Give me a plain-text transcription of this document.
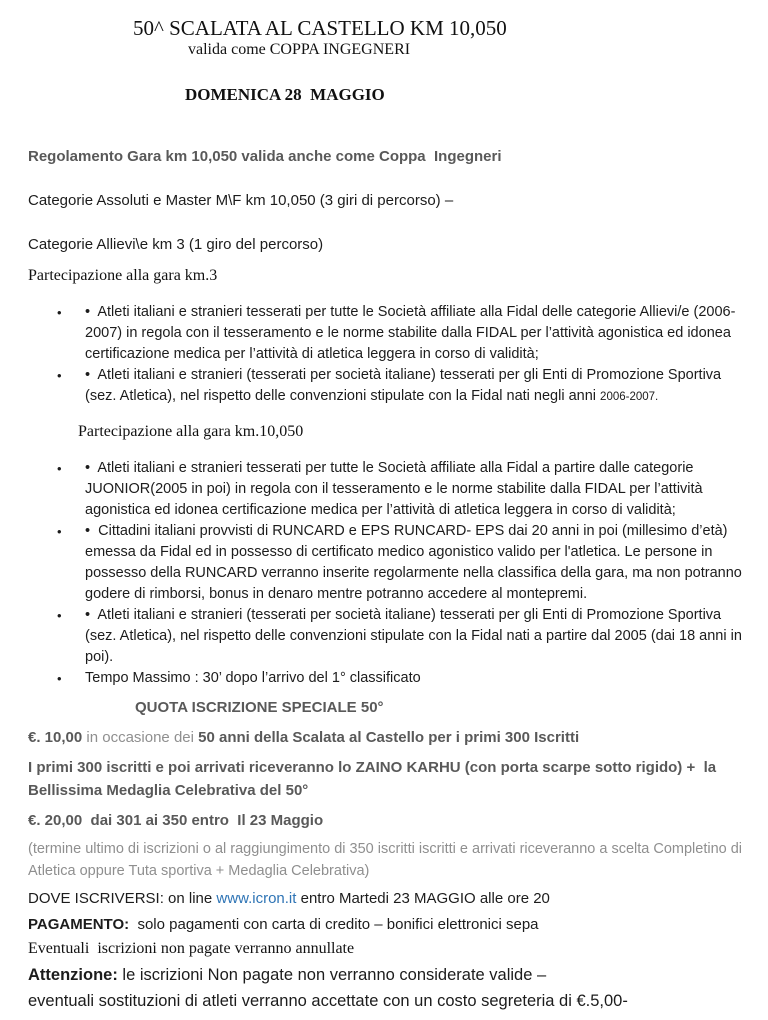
50^ SCALATA AL CASTELLO KM 10,050
valida come COPPA INGEGNERI
DOMENICA 28  MAGGIO
Regolamento Gara km 10,050 valida anche come Coppa  Ingegneri
Categorie Assoluti e Master M\F km 10,050 (3 giri di percorso) –
Categorie Allievi\e km 3 (1 giro del percorso)
Partecipazione alla gara km.3
•	•  Atleti italiani e stranieri tesserati per tutte le Società affiliate alla Fidal delle categorie Allievi/e (2006-2007) in regola con il tesseramento e le norme stabilite dalla FIDAL per l’attività agonistica ed idonea certificazione medica per l’attività di atletica leggera in corso di validità;
•	•  Atleti italiani e stranieri (tesserati per società italiane) tesserati per gli Enti di Promozione Sportiva (sez. Atletica), nel rispetto delle convenzioni stipulate con la Fidal nati negli anni 2006-2007.
Partecipazione alla gara km.10,050
•	•  Atleti italiani e stranieri tesserati per tutte le Società affiliate alla Fidal a partire dalle categorie JUONIOR(2005 in poi) in regola con il tesseramento e le norme stabilite dalla FIDAL per l’attività agonistica ed idonea certificazione medica per l’attività di atletica leggera in corso di validità;
•	•  Cittadini italiani provvisti di RUNCARD e EPS RUNCARD- EPS dai 20 anni in poi (millesimo d’età) emessa da Fidal ed in possesso di certificato medico agonistico valido per l'atletica. Le persone in possesso della RUNCARD verranno inserite regolarmente nella classifica della gara, ma non potranno godere di rimborsi, bonus in denaro mentre potranno accedere al montepremi.
•	•  Atleti italiani e stranieri (tesserati per società italiane) tesserati per gli Enti di Promozione Sportiva (sez. Atletica), nel rispetto delle convenzioni stipulate con la Fidal nati a partire dal 2005 (dai 18 anni in poi).
•	Tempo Massimo : 30’ dopo l’arrivo del 1° classificato
QUOTA ISCRIZIONE SPECIALE 50°

€. 10,00 in occasione dei 50 anni della Scalata al Castello per i primi 300 Iscritti

I primi 300 iscritti e poi arrivati riceveranno lo ZAINO KARHU (con porta scarpe sotto rigido) +  la Bellissima Medaglia Celebrativa del 50°

€. 20,00  dai 301 ai 350 entro  Il 23 Maggio

(termine ultimo di iscrizioni o al raggiungimento di 350 iscritti iscritti e arrivati riceveranno a scelta Completino di Atletica oppure Tuta sportiva + Medaglia Celebrativa)

DOVE ISCRIVERSI: on line www.icron.it entro Martedi 23 MAGGIO alle ore 20

PAGAMENTO:  solo pagamenti con carta di credito – bonifici elettronici sepa

Eventuali  iscrizioni non pagate verranno annullate

Attenzione: le iscrizioni Non pagate non verranno considerate valide –
eventuali sostituzioni di atleti verranno accettate con un costo segreteria di €.5,00-
